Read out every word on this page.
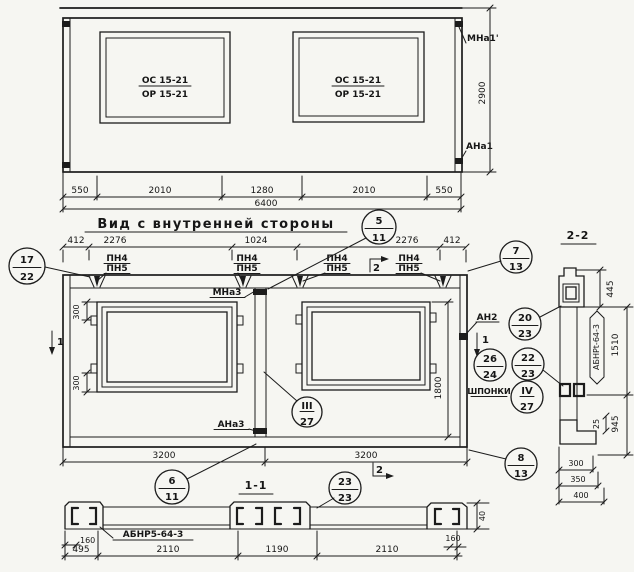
ОС 15-21
ОР 15-21
ОС 15-21
ОР 15-21
МНа1'
АНа1
2900
550	2010	1280	2010	550
6400
Вид с внутренней стороны
412 2276	1024	2276	412
ПН4
ПН5
ПН4
ПН5
ПН4
ПН5
ПН4
ПН5
2
МНа3
АНа3
300
300	1800
АН2
1	1
3200	3200
2
ШПОНКИ
17
22
5
11
7
13
20
23
26
24
22
23
IV
27
III
27
6
11
8
13
23
23
2-2
АБНРt-64-3
445
1510
945
25
300
350
400
1-1
АБНР5-64-3
160	160
40
495	2110	1190	2110
